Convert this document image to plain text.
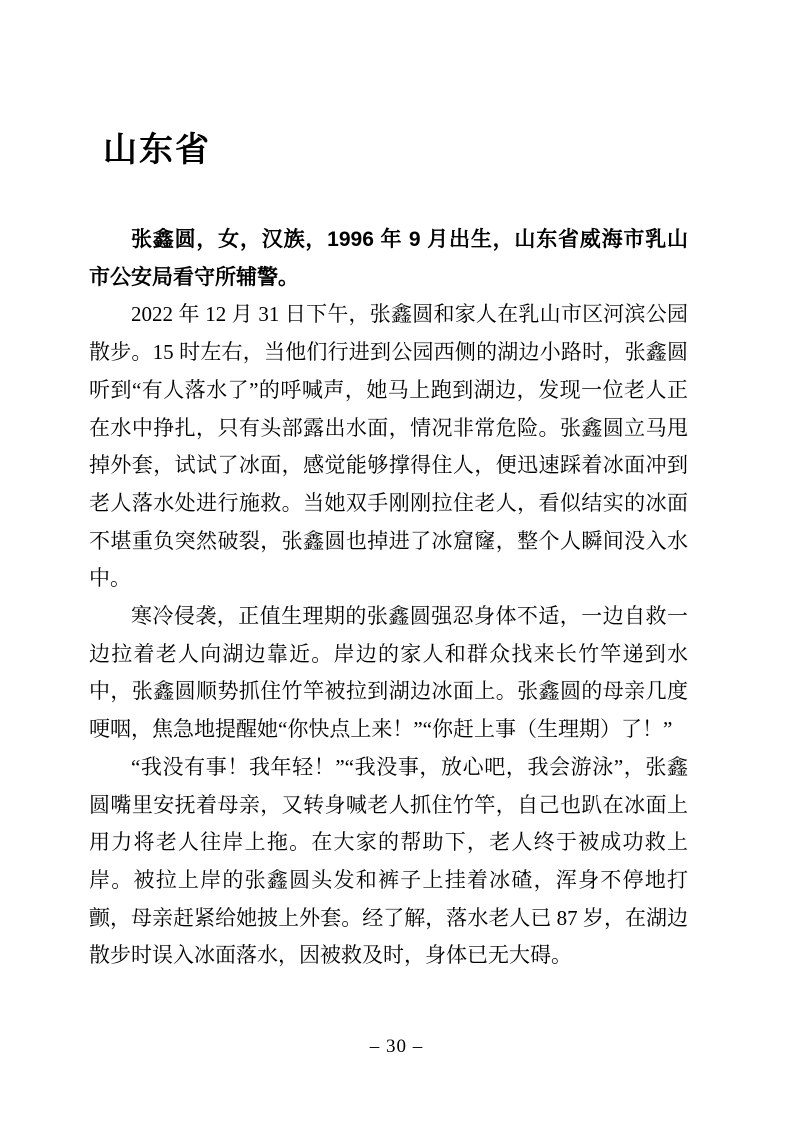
山东省

张鑫圆，女，汉族，1996 年 9 月出生，山东省威海市乳山市公安局看守所辅警。

2022 年 12 月 31 日下午，张鑫圆和家人在乳山市区河滨公园散步。15 时左右，当他们行进到公园西侧的湖边小路时，张鑫圆听到“有人落水了”的呼喊声，她马上跑到湖边，发现一位老人正在水中挣扎，只有头部露出水面，情况非常危险。张鑫圆立马甩掉外套，试试了冰面，感觉能够撑得住人，便迅速踩着冰面冲到老人落水处进行施救。当她双手刚刚拉住老人，看似结实的冰面不堪重负突然破裂，张鑫圆也掉进了冰窟窿，整个人瞬间没入水中。

寒冷侵袭，正值生理期的张鑫圆强忍身体不适，一边自救一边拉着老人向湖边靠近。岸边的家人和群众找来长竹竿递到水中，张鑫圆顺势抓住竹竿被拉到湖边冰面上。张鑫圆的母亲几度哽咽，焦急地提醒她“你快点上来！”“你赶上事（生理期）了！”

“我没有事！我年轻！”“我没事，放心吧，我会游泳”，张鑫圆嘴里安抚着母亲，又转身喊老人抓住竹竿，自己也趴在冰面上用力将老人往岸上拖。在大家的帮助下，老人终于被成功救上岸。被拉上岸的张鑫圆头发和裤子上挂着冰碴，浑身不停地打颤，母亲赶紧给她披上外套。经了解，落水老人已 87 岁，在湖边散步时误入冰面落水，因被救及时，身体已无大碍。

– 30 –
